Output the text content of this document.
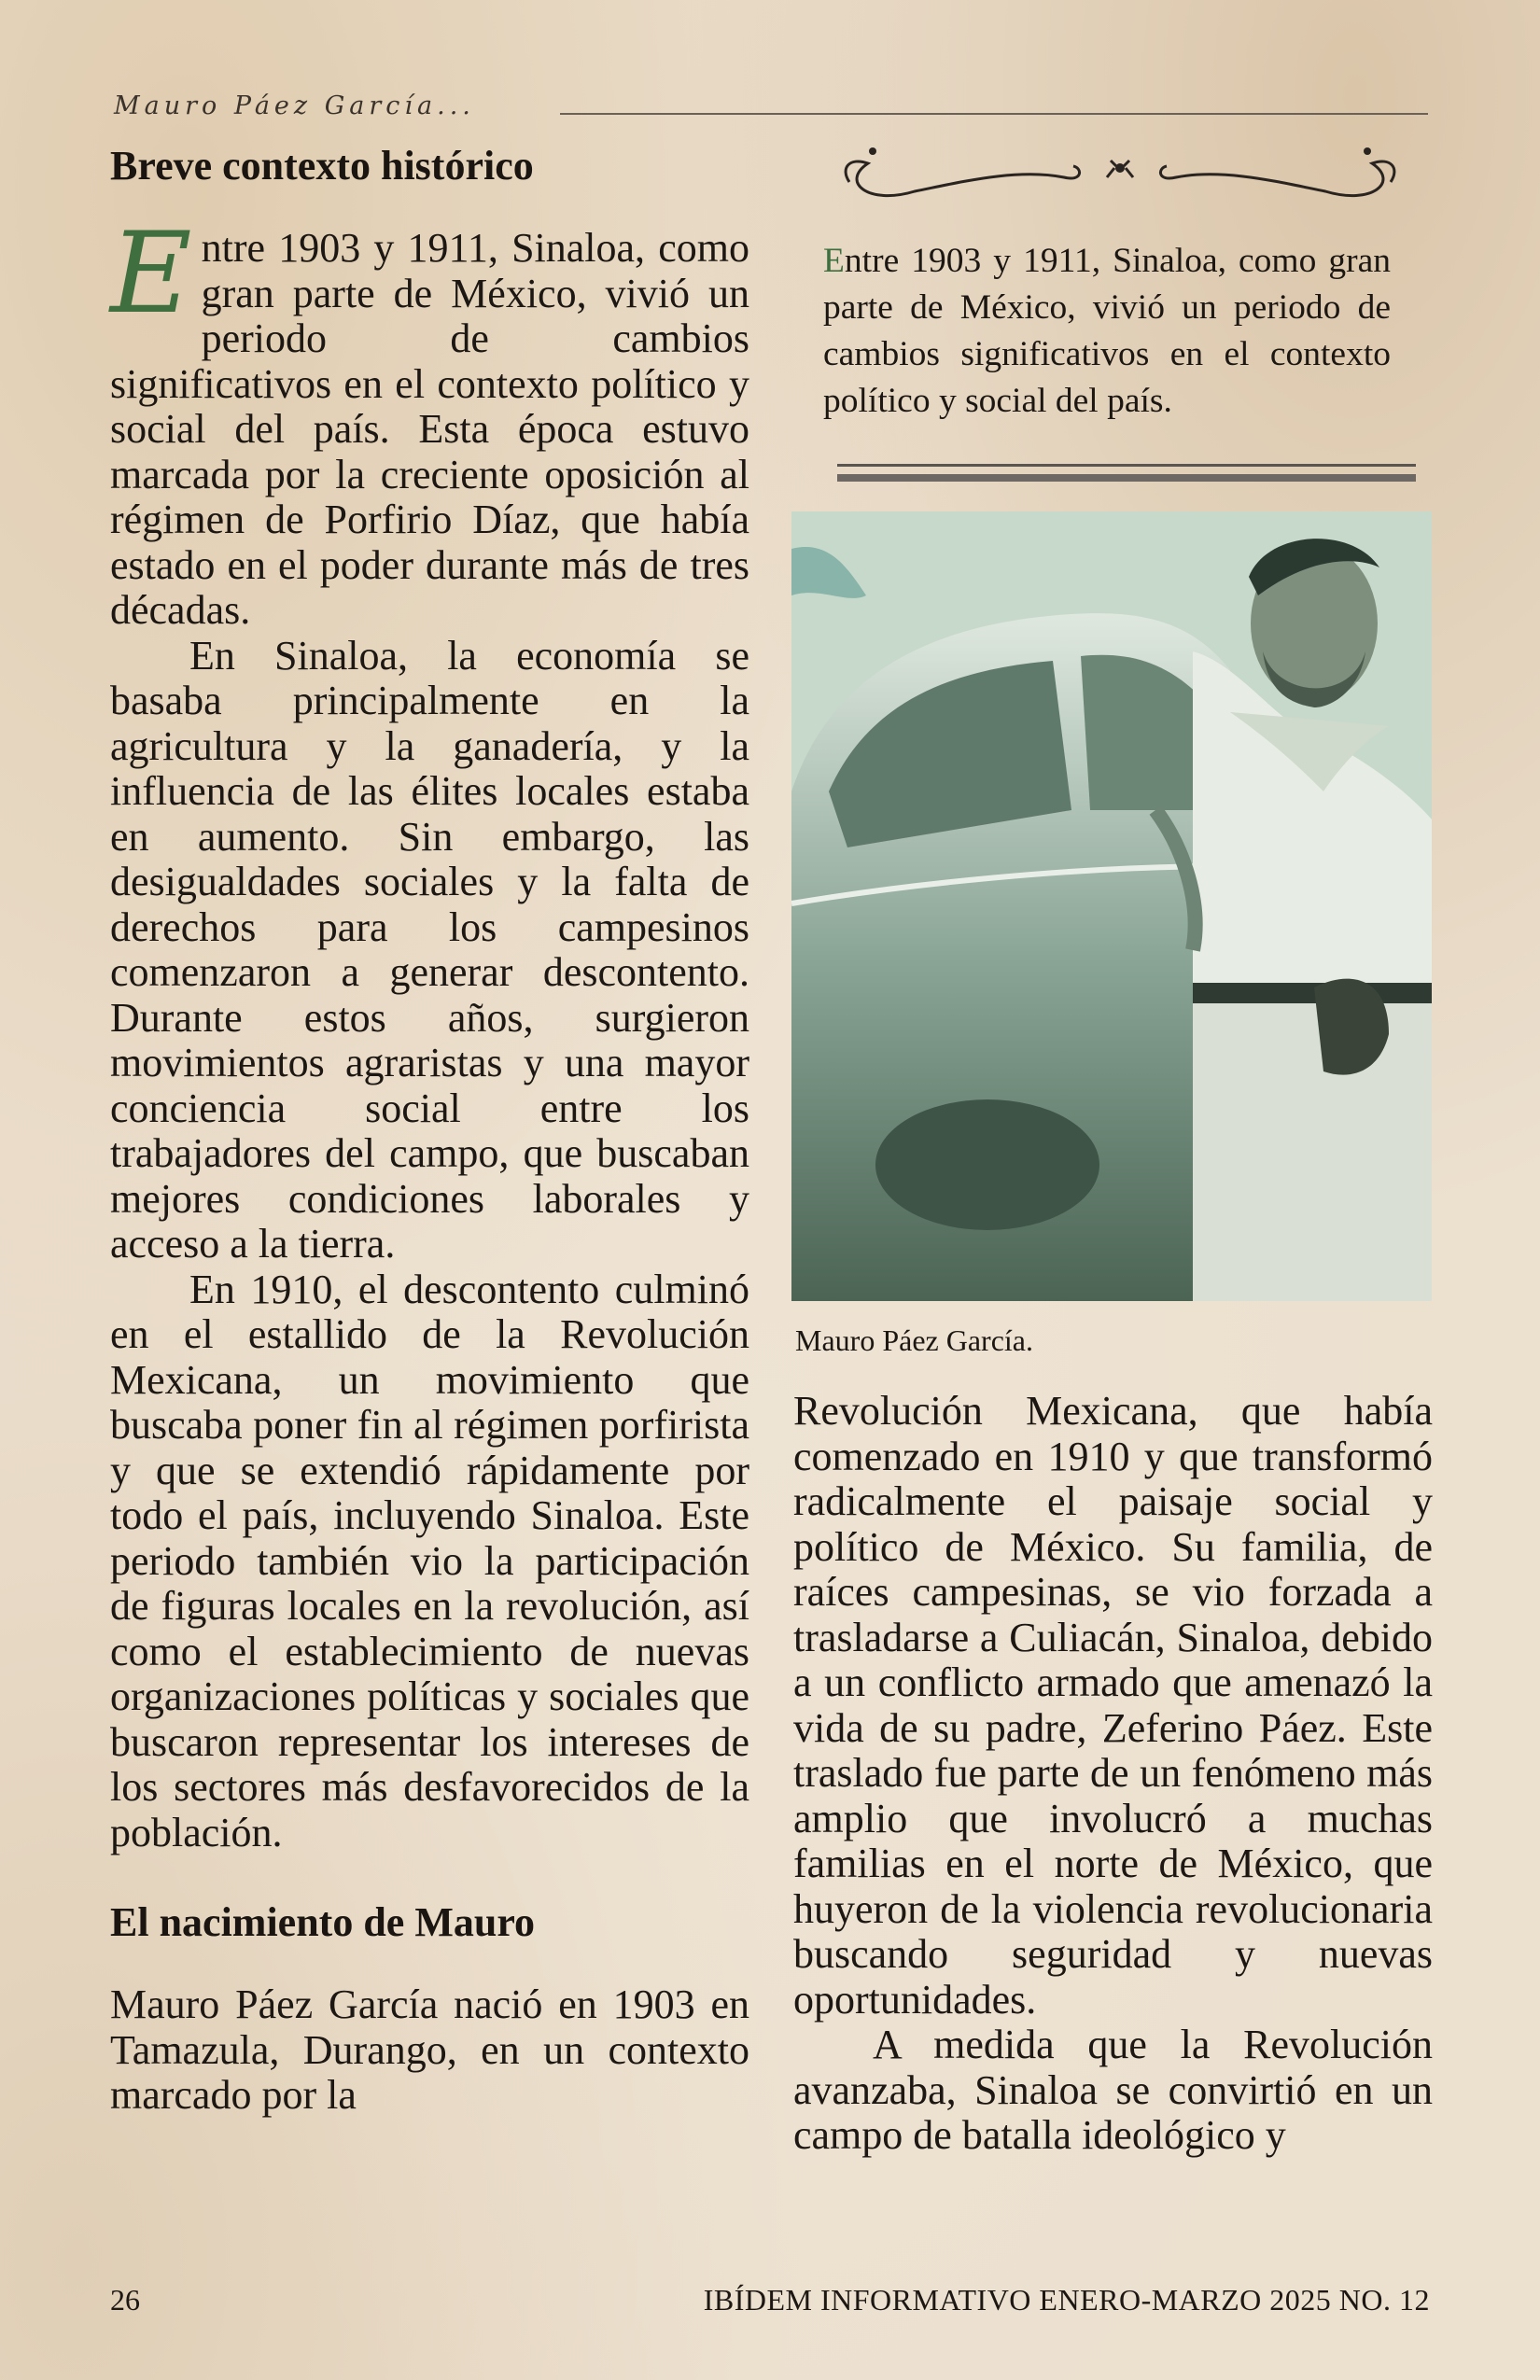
Mauro Páez García...
Breve contexto histórico

Entre 1903 y 1911, Sinaloa, como gran parte de México, vivió un periodo de cambios significativos en el contexto político y social del país. Esta época estuvo marcada por la creciente oposición al régimen de Porfirio Díaz, que había estado en el poder durante más de tres décadas.

En Sinaloa, la economía se basaba principalmente en la agricultura y la ganadería, y la influencia de las élites locales estaba en aumento. Sin embargo, las desigualdades sociales y la falta de derechos para los campesinos comenzaron a generar descontento. Durante estos años, surgieron movimientos agraristas y una mayor conciencia social entre los trabajadores del campo, que buscaban mejores condiciones laborales y acceso a la tierra.

En 1910, el descontento culminó en el estallido de la Revolución Mexicana, un movimiento que buscaba poner fin al régimen porfirista y que se extendió rápidamente por todo el país, incluyendo Sinaloa. Este periodo también vio la participación de figuras locales en la revolución, así como el establecimiento de nuevas organizaciones políticas y sociales que buscaron representar los intereses de los sectores más desfavorecidos de la población.

El nacimiento de Mauro

Mauro Páez García nació en 1903 en Tamazula, Durango, en un contexto marcado por la

Entre 1903 y 1911, Sinaloa, como gran parte de México, vivió un periodo de cambios significativos en el contexto político y social del país.
Mauro Páez García.

Revolución Mexicana, que había comenzado en 1910 y que transformó radicalmente el paisaje social y político de México. Su familia, de raíces campesinas, se vio forzada a trasladarse a Culiacán, Sinaloa, debido a un conflicto armado que amenazó la vida de su padre, Zeferino Páez. Este traslado fue parte de un fenómeno más amplio que involucró a muchas familias en el norte de México, que huyeron de la violencia revolucionaria buscando seguridad y nuevas oportunidades.

A medida que la Revolución avanzaba, Sinaloa se convirtió en un campo de batalla ideológico y

26	IBÍDEM INFORMATIVO ENERO-MARZO 2025 NO. 12
